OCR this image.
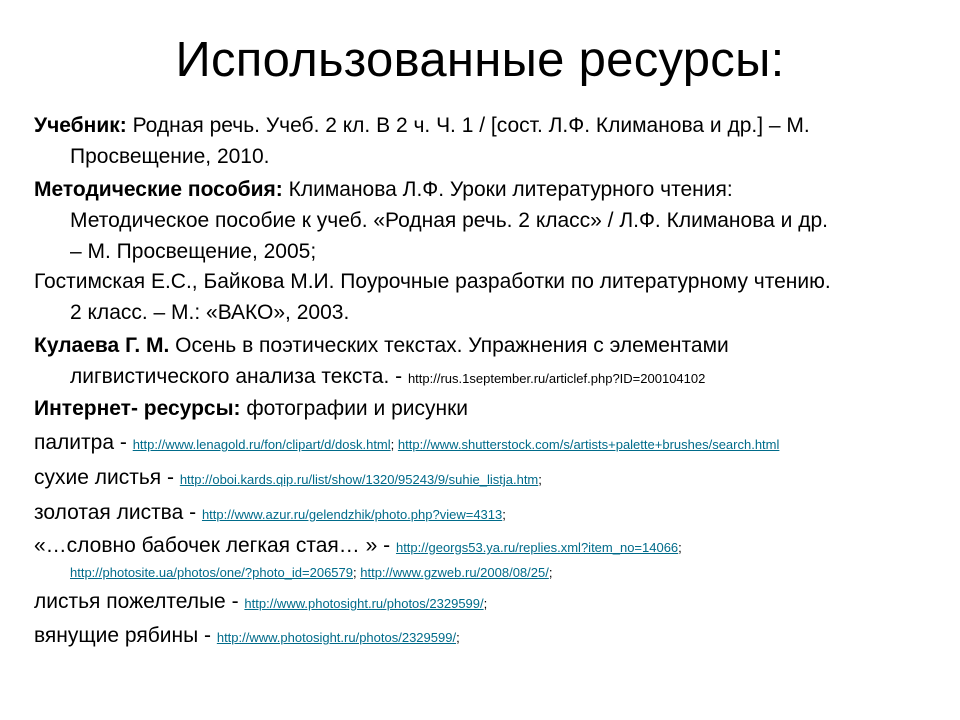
Использованные ресурсы:
Учебник: Родная речь. Учеб. 2 кл. В 2 ч. Ч. 1 / [сост. Л.Ф. Климанова и др.] – М.
Просвещение, 2010.
Методические пособия: Климанова Л.Ф. Уроки литературного чтения:
Методическое пособие к учеб. «Родная речь. 2 класс» / Л.Ф. Климанова и др.
– М. Просвещение, 2005;
Гостимская Е.С., Байкова М.И. Поурочные разработки по литературному чтению.
2 класс. – М.: «ВАКО», 2003.
Кулаева Г. М. Осень в поэтических текстах. Упражнения с элементами
лигвистического анализа текста. - http://rus.1september.ru/articlef.php?ID=200104102
Интернет- ресурсы: фотографии и рисунки
палитра - http://www.lenagold.ru/fon/clipart/d/dosk.html; http://www.shutterstock.com/s/artists+palette+brushes/search.html
сухие листья - http://oboi.kards.qip.ru/list/show/1320/95243/9/suhie_listja.htm;
золотая листва - http://www.azur.ru/gelendzhik/photo.php?view=4313;
«…словно бабочек легкая стая… » - http://georgs53.ya.ru/replies.xml?item_no=14066;
http://photosite.ua/photos/one/?photo_id=206579; http://www.gzweb.ru/2008/08/25/;
листья пожелтелые - http://www.photosight.ru/photos/2329599/;
вянущие рябины - http://www.photosight.ru/photos/2329599/;
